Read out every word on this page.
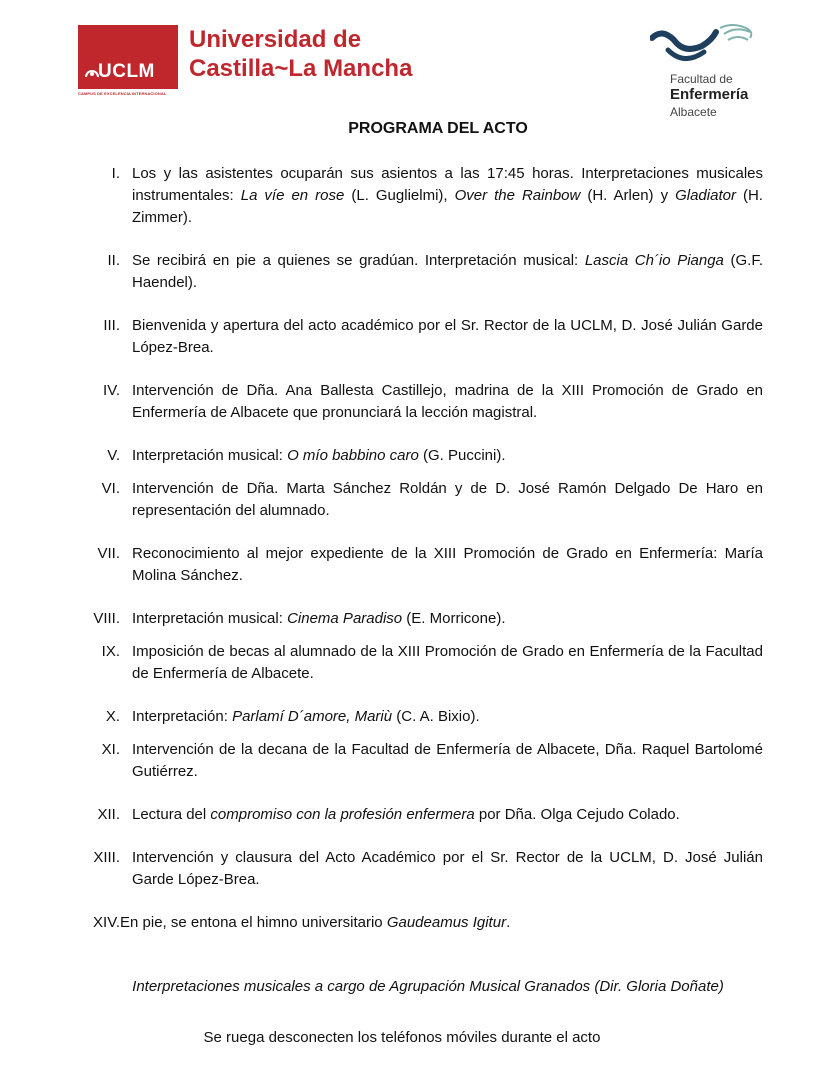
UCLM
CAMPUS DE EXCELENCIA INTERNACIONAL
Universidad de
Castilla~La Mancha	Facultad de
Enfermería
Albacete
PROGRAMA DEL ACTO
I. Los y las asistentes ocuparán sus asientos a las 17:45 horas. Interpretaciones musicales instrumentales: La víe en rose (L. Guglielmi), Over the Rainbow (H. Arlen) y Gladiator (H. Zimmer).
II. Se recibirá en pie a quienes se gradúan. Interpretación musical: Lascia Ch´io Pianga (G.F. Haendel).
III. Bienvenida y apertura del acto académico por el Sr. Rector de la UCLM, D. José Julián Garde López-Brea.
IV. Intervención de Dña. Ana Ballesta Castillejo, madrina de la XIII Promoción de Grado en Enfermería de Albacete que pronunciará la lección magistral.
V. Interpretación musical: O mío babbino caro (G. Puccini).
VI. Intervención de Dña. Marta Sánchez Roldán y de D. José Ramón Delgado De Haro en representación del alumnado.
VII. Reconocimiento al mejor expediente de la XIII Promoción de Grado en Enfermería: María Molina Sánchez.
VIII. Interpretación musical: Cinema Paradiso (E. Morricone).
IX. Imposición de becas al alumnado de la XIII Promoción de Grado en Enfermería de la Facultad de Enfermería de Albacete.
X. Interpretación: Parlamí D´amore, Mariù (C. A. Bixio).
XI. Intervención de la decana de la Facultad de Enfermería de Albacete, Dña. Raquel Bartolomé Gutiérrez.
XII. Lectura del compromiso con la profesión enfermera por Dña. Olga Cejudo Colado.
XIII. Intervención y clausura del Acto Académico por el Sr. Rector de la UCLM, D. José Julián Garde López-Brea.
XIV. En pie, se entona el himno universitario Gaudeamus Igitur.
Interpretaciones musicales a cargo de Agrupación Musical Granados (Dir. Gloria Doñate)
Se ruega desconecten los teléfonos móviles durante el acto
